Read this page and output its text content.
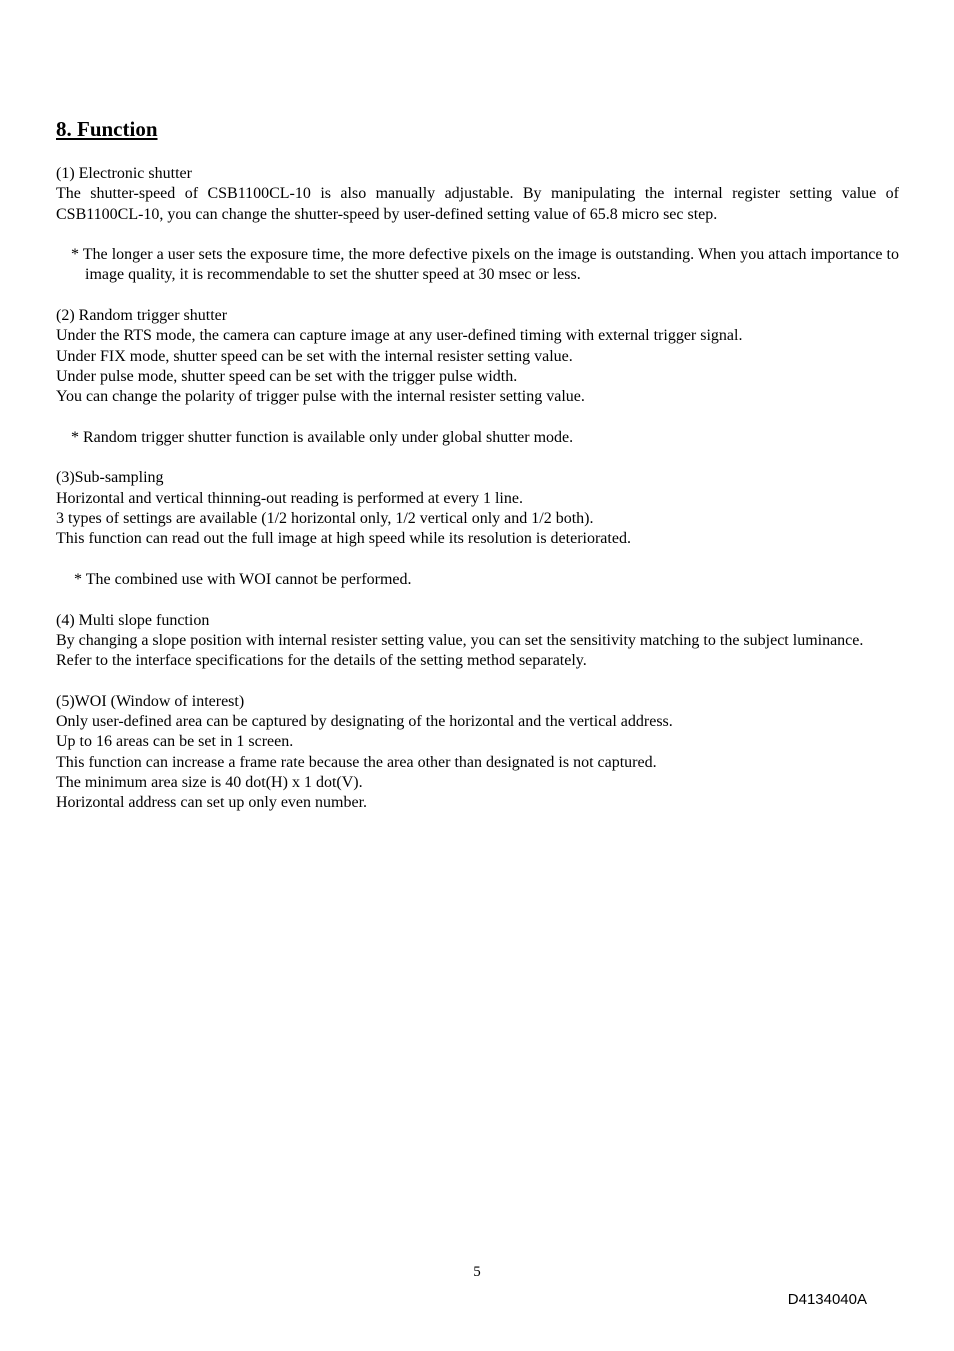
8. Function

(1) Electronic shutter

The shutter-speed of CSB1100CL-10 is also manually adjustable. By manipulating the internal register setting value of CSB1100CL-10, you can change the shutter-speed by user-defined setting value of 65.8 micro sec step.

* The longer a user sets the exposure time, the more defective pixels on the image is outstanding. When you attach importance to image quality, it is recommendable to set the shutter speed at 30 msec or less.

(2) Random trigger shutter

Under the RTS mode, the camera can capture image at any user-defined timing with external trigger signal.
Under FIX mode, shutter speed can be set with the internal resister setting value.
Under pulse mode, shutter speed can be set with the trigger pulse width.
You can change the polarity of trigger pulse with the internal resister setting value.

* Random trigger shutter function is available only under global shutter mode.

(3)Sub-sampling

Horizontal and vertical thinning-out reading is performed at every 1 line.
3 types of settings are available (1/2 horizontal only, 1/2 vertical only and 1/2 both).
This function can read out the full image at high speed while its resolution is deteriorated.

* The combined use with WOI cannot be performed.

(4) Multi slope function

By changing a slope position with internal resister setting value, you can set the sensitivity matching to the subject luminance.

Refer to the interface specifications for the details of the setting method separately.

(5)WOI (Window of interest)

Only user-defined area can be captured by designating of the horizontal and the vertical address.
Up to 16 areas can be set in 1 screen.
This function can increase a frame rate because the area other than designated is not captured.
The minimum area size is 40 dot(H) x 1 dot(V).
Horizontal address can set up only even number.
5
D4134040A
